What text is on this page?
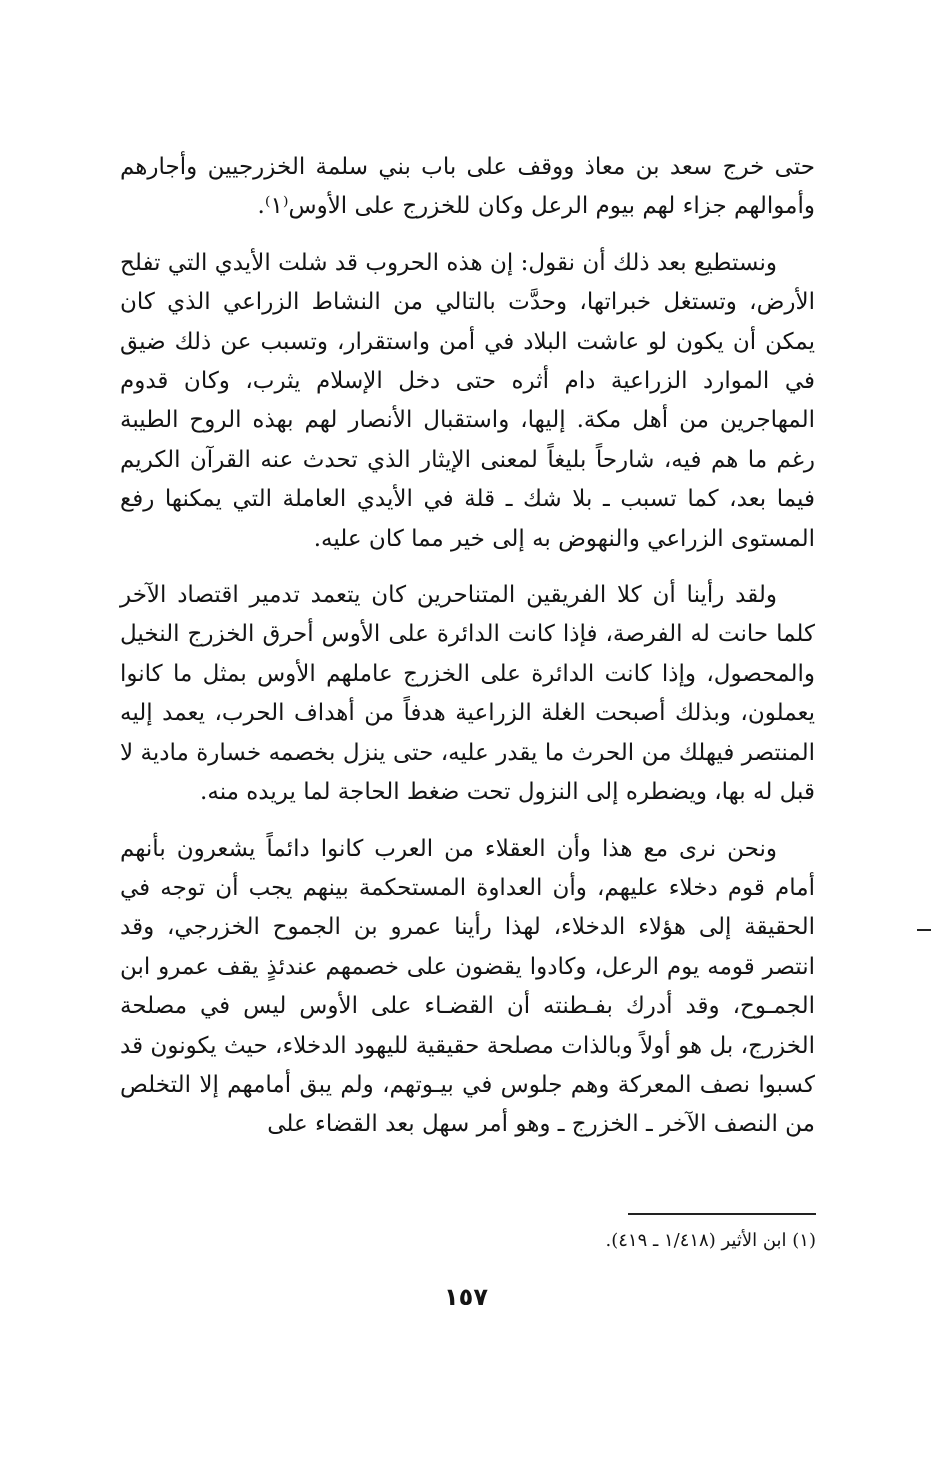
حتى خرج سعد بن معاذ ووقف على باب بني سلمة الخزرجيين وأجارهم وأموالهم جزاء لهم بيوم الرعل وكان للخزرج على الأوس⁽١⁾.

ونستطيع بعد ذلك أن نقول: إن هذه الحروب قد شلت الأيدي التي تفلح الأرض، وتستغل خبراتها، وحدَّت بالتالي من النشاط الزراعي الذي كان يمكن أن يكون لو عاشت البلاد في أمن واستقرار، وتسبب عن ذلك ضيق في الموارد الزراعية دام أثره حتى دخل الإسلام يثرب، وكان قدوم المهاجرين من أهل مكة. إليها، واستقبال الأنصار لهم بهذه الروح الطيبة رغم ما هم فيه، شارحاً بليغاً لمعنى الإيثار الذي تحدث عنه القرآن الكريم فيما بعد، كما تسبب ـ بلا شك ـ قلة في الأيدي العاملة التي يمكنها رفع المستوى الزراعي والنهوض به إلى خير مما كان عليه.

ولقد رأينا أن كلا الفريقين المتناحرين كان يتعمد تدمير اقتصاد الآخر كلما حانت له الفرصة، فإذا كانت الدائرة على الأوس أحرق الخزرج النخيل والمحصول، وإذا كانت الدائرة على الخزرج عاملهم الأوس بمثل ما كانوا يعملون، وبذلك أصبحت الغلة الزراعية هدفاً من أهداف الحرب، يعمد إليه المنتصر فيهلك من الحرث ما يقدر عليه، حتى ينزل بخصمه خسارة مادية لا قبل له بها، ويضطره إلى النزول تحت ضغط الحاجة لما يريده منه.

ونحن نرى مع هذا وأن العقلاء من العرب كانوا دائماً يشعرون بأنهم أمام قوم دخلاء عليهم، وأن العداوة المستحكمة بينهم يجب أن توجه في الحقيقة إلى هؤلاء الدخلاء، لهذا رأينا عمرو بن الجموح الخزرجي، وقد انتصر قومه يوم الرعل، وكادوا يقضون على خصمهم عندئذٍ يقف عمرو ابن الجمـوح، وقد أدرك بفـطنته أن القضـاء على الأوس ليس في مصلحة الخزرج، بل هو أولاً وبالذات مصلحة حقيقية لليهود الدخلاء، حيث يكونون قد كسبوا نصف المعركة وهم جلوس في بيـوتهم، ولم يبق أمامهم إلا التخلص من النصف الآخر ـ الخزرج ـ وهو أمر سهل بعد القضاء على

(١) ابن الأثير (١/٤١٨ ـ ٤١٩).
١٥٧
